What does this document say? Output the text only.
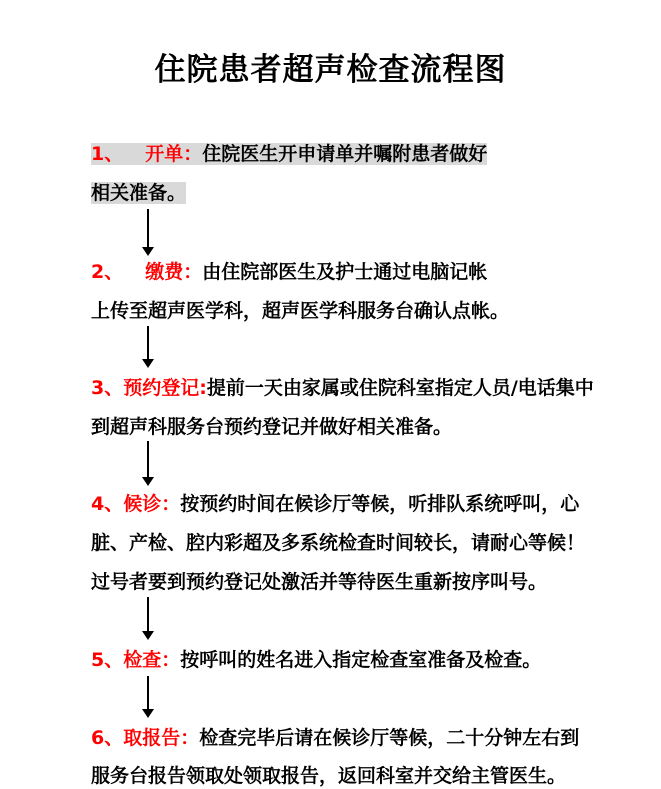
住院患者超声检查流程图
1、 开单：住院医生开申请单并嘱附患者做好
相关准备。
2、 缴费：由住院部医生及护士通过电脑记帐
上传至超声医学科，超声医学科服务台确认点帐。
3、预约登记:提前一天由家属或住院科室指定人员/电话集中
到超声科服务台预约登记并做好相关准备。
4、候诊：按预约时间在候诊厅等候，听排队系统呼叫，心
脏、产检、腔内彩超及多系统检查时间较长，请耐心等候！
过号者要到预约登记处激活并等待医生重新按序叫号。
5、检查：按呼叫的姓名进入指定检查室准备及检查。
6、取报告：检查完毕后请在候诊厅等候，二十分钟左右到
服务台报告领取处领取报告，返回科室并交给主管医生。
